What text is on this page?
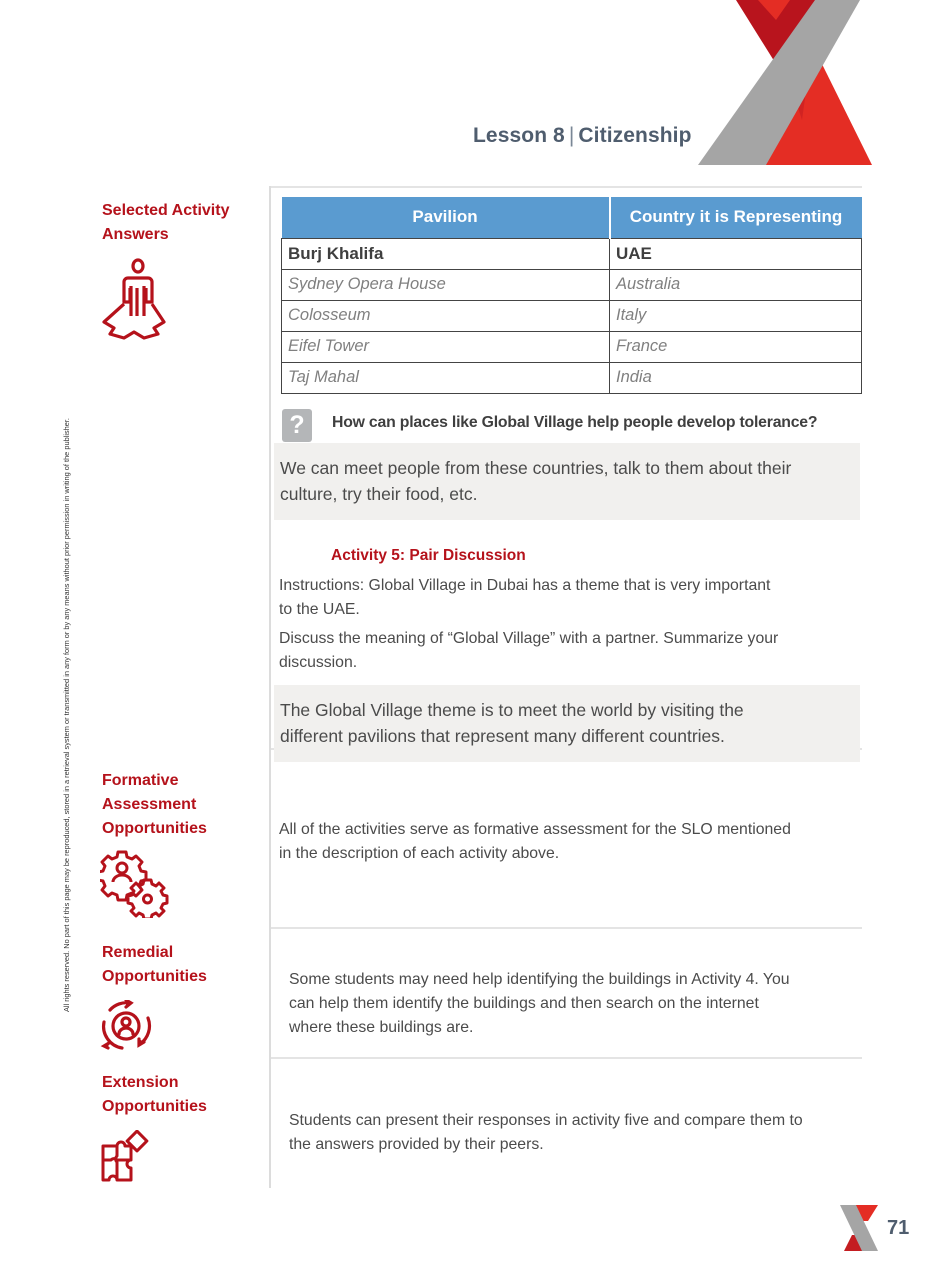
Lesson 8 | Citizenship
All rights reserved. No part of this page may be reproduced, stored in a retrieval system or transmitted in any form or by any means without prior permission in writing of the publisher.
Selected Activity
Answers
Pavilion	Country it is Representing
Burj Khalifa	UAE
Sydney Opera House	Australia
Colosseum	Italy
Eifel Tower	France
Taj Mahal	India
?	How can places like Global Village help people develop tolerance?
We can meet people from these countries, talk to them about their
culture, try their food, etc.
Activity 5: Pair Discussion
Instructions: Global Village in Dubai has a theme that is very important
to the UAE.
Discuss the meaning of “Global Village” with a partner. Summarize your
discussion.
The Global Village theme is to meet the world by visiting the
different pavilions that represent many different countries.
Formative
Assessment
Opportunities	All of the activities serve as formative assessment for the SLO mentioned
in the description of each activity above.
Remedial
Opportunities	Some students may need help identifying the buildings in Activity 4. You
can help them identify the buildings and then search on the internet
where these buildings are.
Extension
Opportunities
Students can present their responses in activity five and compare them to
the answers provided by their peers.
71
